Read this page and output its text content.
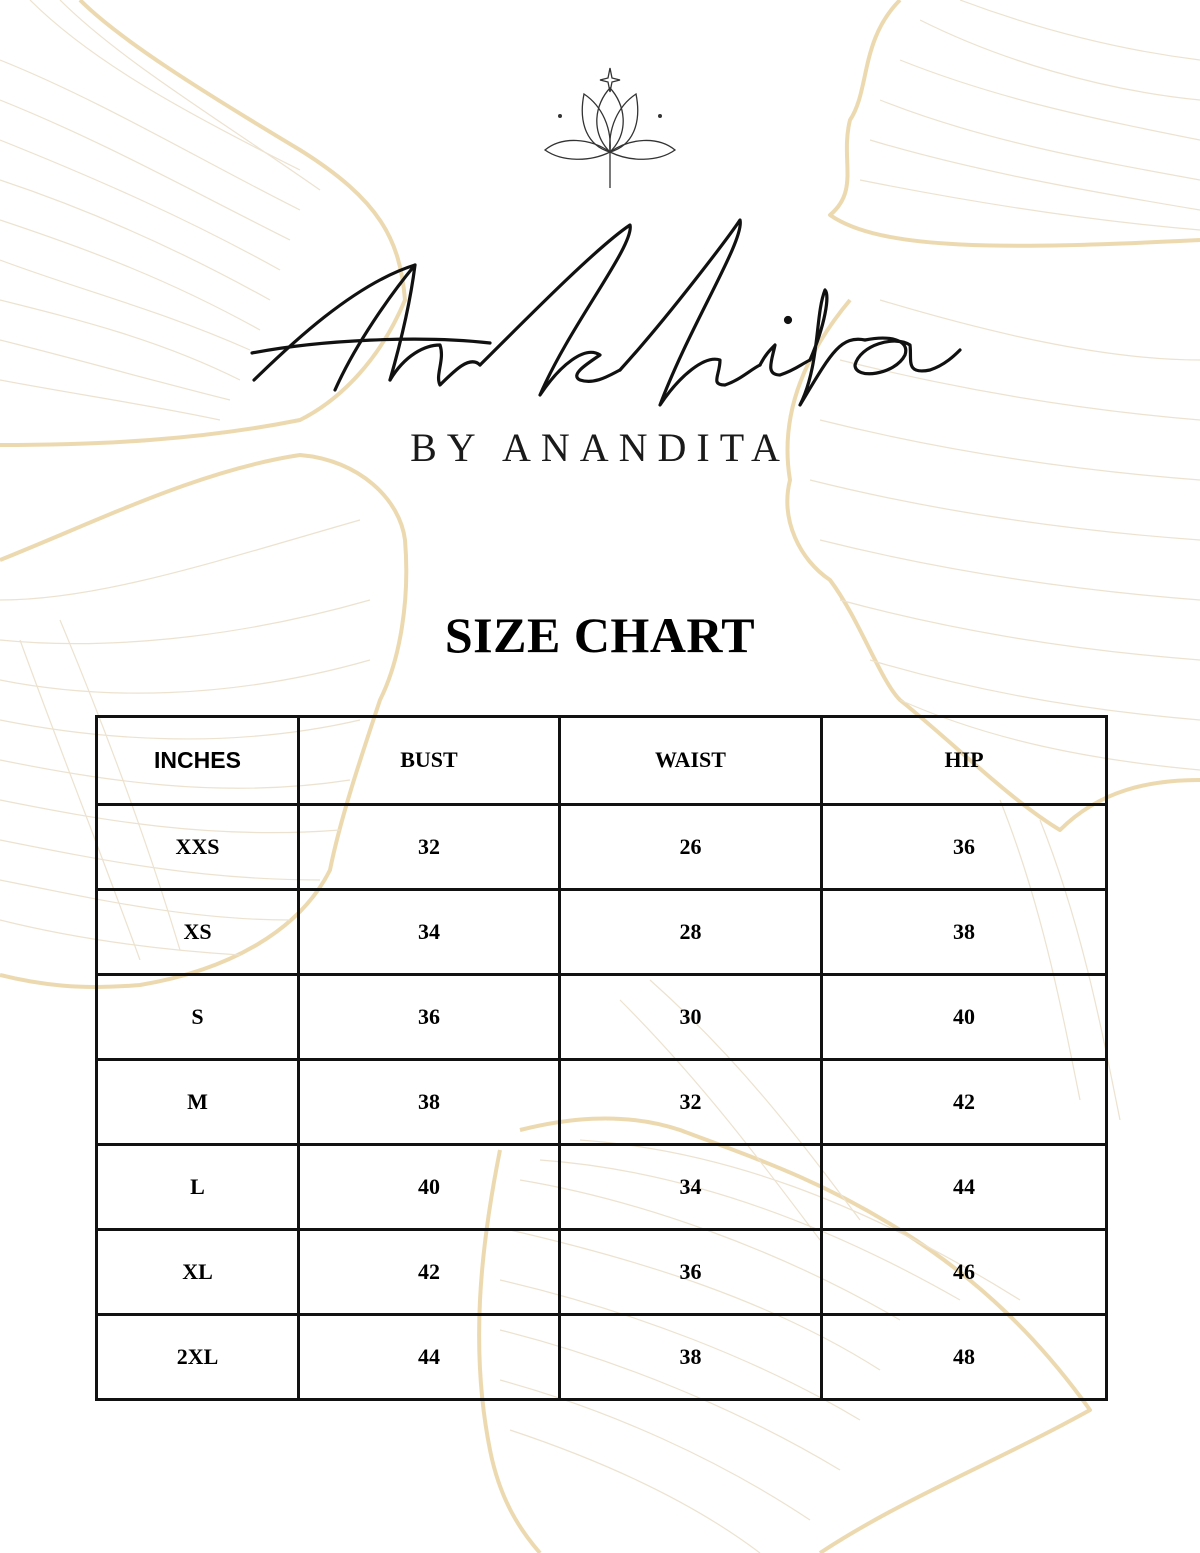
BY ANANDITA
SIZE CHART
INCHES	BUST	WAIST	HIP
XXS	32	26	36
XS	34	28	38
S	36	30	40
M	38	32	42
L	40	34	44
XL	42	36	46
2XL	44	38	48
